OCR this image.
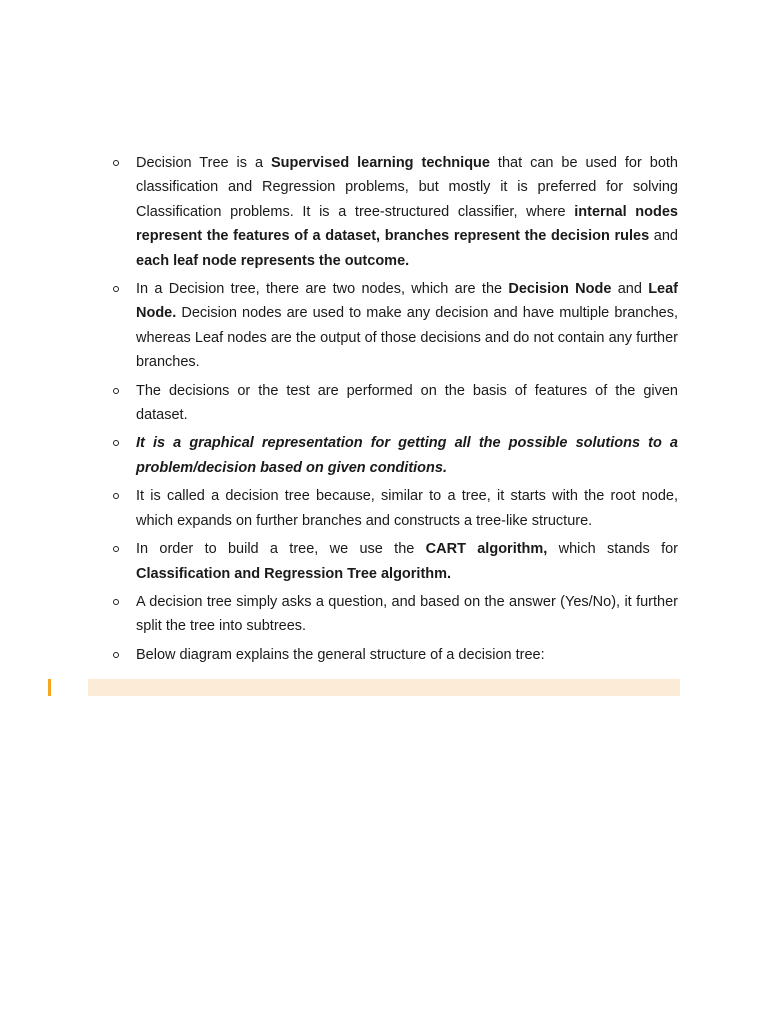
Decision Tree is a Supervised learning technique that can be used for both classification and Regression problems, but mostly it is preferred for solving Classification problems. It is a tree-structured classifier, where internal nodes represent the features of a dataset, branches represent the decision rules and each leaf node represents the outcome.
In a Decision tree, there are two nodes, which are the Decision Node and Leaf Node. Decision nodes are used to make any decision and have multiple branches, whereas Leaf nodes are the output of those decisions and do not contain any further branches.
The decisions or the test are performed on the basis of features of the given dataset.
It is a graphical representation for getting all the possible solutions to a problem/decision based on given conditions.
It is called a decision tree because, similar to a tree, it starts with the root node, which expands on further branches and constructs a tree-like structure.
In order to build a tree, we use the CART algorithm, which stands for Classification and Regression Tree algorithm.
A decision tree simply asks a question, and based on the answer (Yes/No), it further split the tree into subtrees.
Below diagram explains the general structure of a decision tree:
